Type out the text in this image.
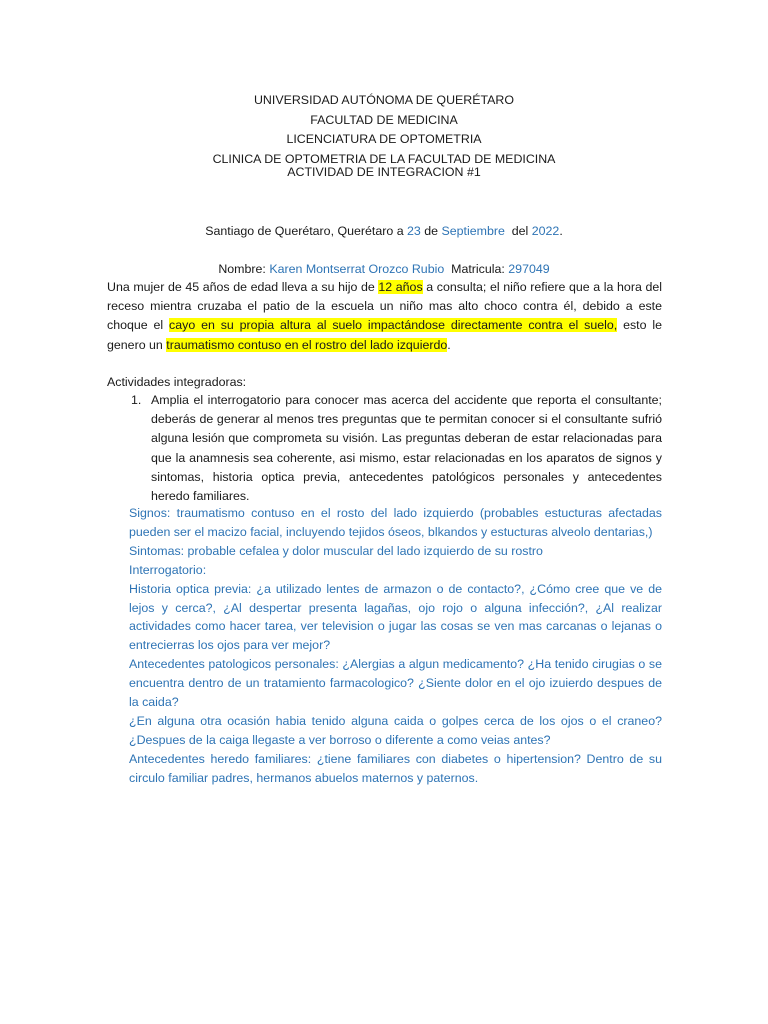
UNIVERSIDAD AUTÓNOMA DE QUERÉTARO
FACULTAD DE MEDICINA
LICENCIATURA DE OPTOMETRIA
CLINICA DE OPTOMETRIA DE LA FACULTAD DE MEDICINA
ACTIVIDAD DE INTEGRACION #1
Santiago de Querétaro, Querétaro a 23 de Septiembre  del 2022.
Nombre: Karen Montserrat Orozco Rubio  Matricula: 297049
Una mujer de 45 años de edad lleva a su hijo de 12 años a consulta; el niño refiere que a la hora del receso mientra cruzaba el patio de la escuela un niño mas alto choco contra él, debido a este choque el cayo en su propia altura al suelo impactándose directamente contra el suelo, esto le genero un traumatismo contuso en el rostro del lado izquierdo.
Actividades integradoras:
1. Amplia el interrogatorio para conocer mas acerca del accidente que reporta el consultante; deberás de generar al menos tres preguntas que te permitan conocer si el consultante sufrió alguna lesión que comprometa su visión. Las preguntas deberan de estar relacionadas para que la anamnesis sea coherente, asi mismo, estar relacionadas en los aparatos de signos y sintomas, historia optica previa, antecedentes patológicos personales y antecedentes heredo familiares.

Signos: traumatismo contuso en el rosto del lado izquierdo (probables estucturas afectadas pueden ser el macizo facial, incluyendo tejidos óseos, blkandos y estucturas alveolo dentarias,)

Sintomas: probable cefalea y dolor muscular del lado izquierdo de su rostro

Interrogatorio:

Historia optica previa: ¿a utilizado lentes de armazon o de contacto?, ¿Cómo cree que ve de lejos y cerca?, ¿Al despertar presenta lagañas, ojo rojo o alguna infección?, ¿Al realizar actividades como hacer tarea, ver television o jugar las cosas se ven mas carcanas o lejanas o entrecierras los ojos para ver mejor?

Antecedentes patologicos personales: ¿Alergias a algun medicamento? ¿Ha tenido cirugias o se encuentra dentro de un tratamiento farmacologico? ¿Siente dolor en el ojo izuierdo despues de la caida?

¿En alguna otra ocasión habia tenido alguna caida o golpes cerca de los ojos o el craneo? ¿Despues de la caiga llegaste a ver borroso o diferente a como veias antes?

Antecedentes heredo familiares: ¿tiene familiares con diabetes o hipertension? Dentro de su circulo familiar padres, hermanos abuelos maternos y paternos.
